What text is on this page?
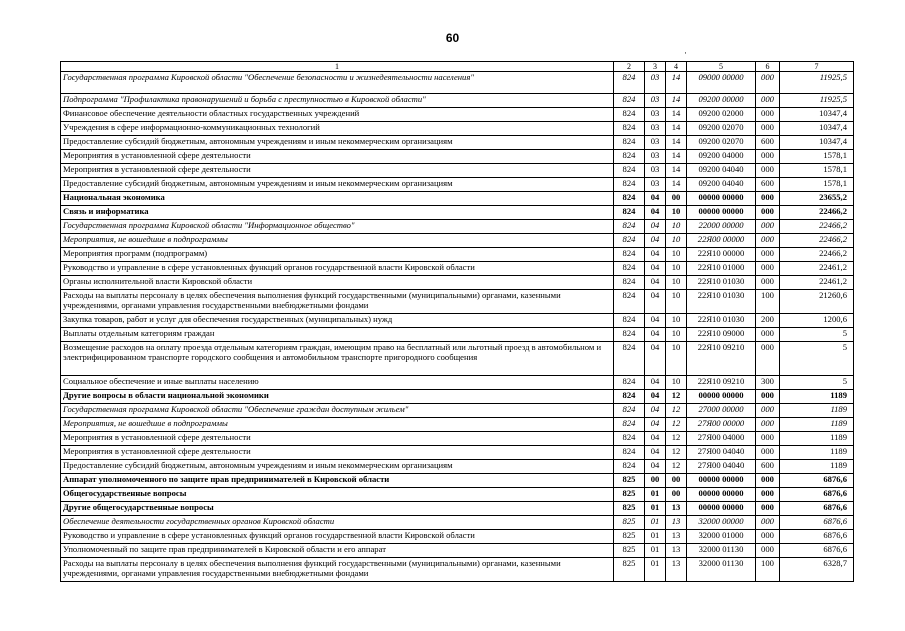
60
·
1	2	3	4	5	6	7
Государственная программа Кировской области "Обеспечение безопасности и жизнедеятельности населения"	824	03	14	09000 00000	000	11925,5
Подпрограмма "Профилактика правонарушений и борьба с преступностью в Кировской области"	824	03	14	09200 00000	000	11925,5
Финансовое обеспечение деятельности областных государственных учреждений	824	03	14	09200 02000	000	10347,4
Учреждения в сфере информационно-коммуникационных технологий	824	03	14	09200 02070	000	10347,4
Предоставление субсидий бюджетным, автономным учреждениям и иным некоммерческим организациям	824	03	14	09200 02070	600	10347,4
Мероприятия в установленной сфере деятельности	824	03	14	09200 04000	000	1578,1
Мероприятия в установленной сфере деятельности	824	03	14	09200 04040	000	1578,1
Предоставление субсидий бюджетным, автономным учреждениям и иным некоммерческим организациям	824	03	14	09200 04040	600	1578,1
Национальная экономика	824	04	00	00000 00000	000	23655,2
Связь и информатика	824	04	10	00000 00000	000	22466,2
Государственная программа Кировской области "Информационное общество"	824	04	10	22000 00000	000	22466,2
Мероприятия, не вошедшие в подпрограммы	824	04	10	22Я00 00000	000	22466,2
Мероприятия программ (подпрограмм)	824	04	10	22Я10 00000	000	22466,2
Руководство и управление в сфере установленных функций органов государственной власти Кировской области	824	04	10	22Я10 01000	000	22461,2
Органы исполнительной власти Кировской области	824	04	10	22Я10 01030	000	22461,2
Расходы на выплаты персоналу в целях обеспечения выполнения функций государственными (муниципальными) органами, казенными учреждениями, органами управления государственными внебюджетными фондами	824	04	10	22Я10 01030	100	21260,6
Закупка товаров, работ и услуг для обеспечения государственных (муниципальных) нужд	824	04	10	22Я10 01030	200	1200,6
Выплаты отдельным категориям граждан	824	04	10	22Я10 09000	000	5
Возмещение расходов на оплату проезда отдельным категориям граждан, имеющим право на бесплатный или льготный проезд в автомобильном и электрифицированном транспорте городского сообщения и автомобильном транспорте пригородного сообщения	824	04	10	22Я10 09210	000	5
Социальное обеспечение и иные выплаты населению	824	04	10	22Я10 09210	300	5
Другие вопросы в области национальной экономики	824	04	12	00000 00000	000	1189
Государственная программа Кировской области "Обеспечение граждан доступным жильем"	824	04	12	27000 00000	000	1189
Мероприятия, не вошедшие в подпрограммы	824	04	12	27Я00 00000	000	1189
Мероприятия в установленной сфере деятельности	824	04	12	27Я00 04000	000	1189
Мероприятия в установленной сфере деятельности	824	04	12	27Я00 04040	000	1189
Предоставление субсидий бюджетным, автономным учреждениям и иным некоммерческим организациям	824	04	12	27Я00 04040	600	1189
Аппарат уполномоченного по защите прав предпринимателей в Кировской области	825	00	00	00000 00000	000	6876,6
Общегосударственные вопросы	825	01	00	00000 00000	000	6876,6
Другие общегосударственные вопросы	825	01	13	00000 00000	000	6876,6
Обеспечение деятельности государственных органов Кировской области	825	01	13	32000 00000	000	6876,6
Руководство и управление в сфере установленных функций органов государственной власти Кировской области	825	01	13	32000 01000	000	6876,6
Уполномоченный по защите прав предпринимателей в Кировской области и его аппарат	825	01	13	32000 01130	000	6876,6
Расходы на выплаты персоналу в целях обеспечения выполнения функций государственными (муниципальными) органами, казенными учреждениями, органами управления государственными внебюджетными фондами	825	01	13	32000 01130	100	6328,7
